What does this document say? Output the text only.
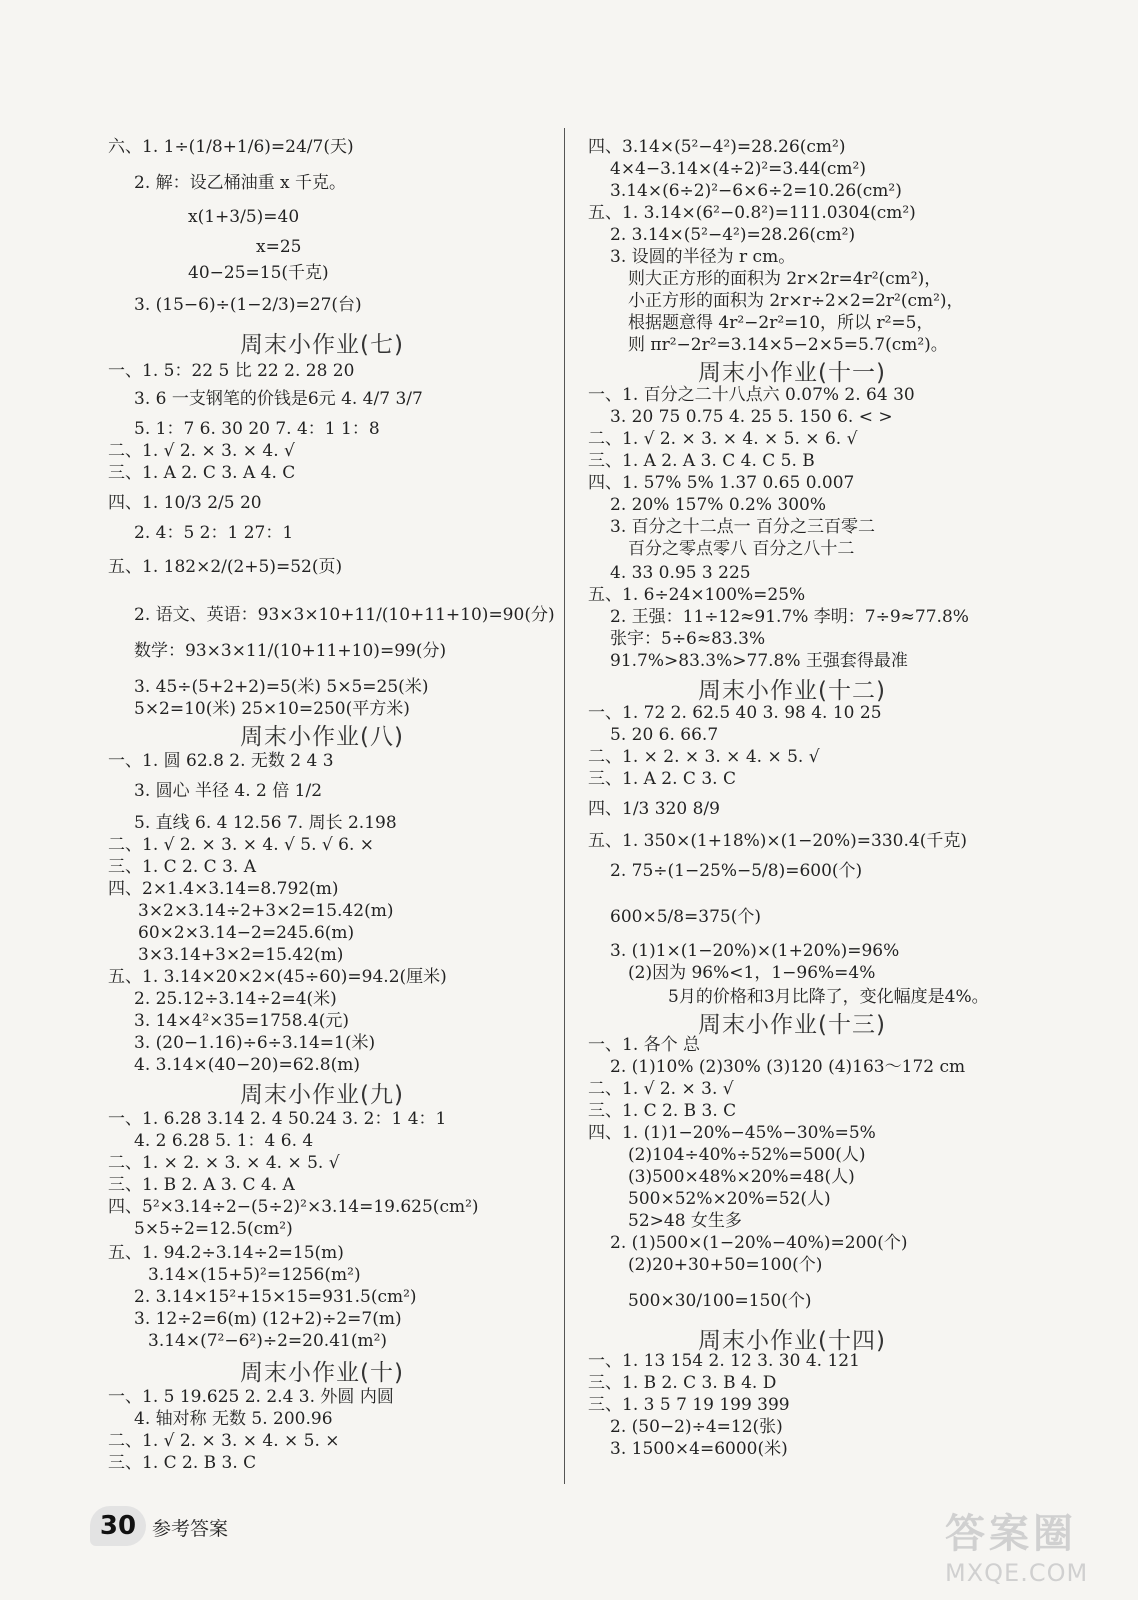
六、1. 1÷(1/8+1/6)=24/7(天)
2. 解：设乙桶油重 x 千克。
x(1+3/5)=40
x=25
40−25=15(千克)
3. (15−6)÷(1−2/3)=27(台)
周末小作业(七)
一、1. 5：22 5 比 22 2. 28 20
3. 6 一支钢笔的价钱是6元 4. 4/7 3/7
5. 1：7 6. 30 20 7. 4：1 1：8
二、1. √ 2. × 3. × 4. √
三、1. A 2. C 3. A 4. C
四、1. 10/3 2/5 20
2. 4：5 2：1 27：1
五、1. 182×2/(2+5)=52(页)
2. 语文、英语：93×3×10+11/(10+11+10)=90(分)
数学：93×3×11/(10+11+10)=99(分)
3. 45÷(5+2+2)=5(米) 5×5=25(米)
5×2=10(米) 25×10=250(平方米)
周末小作业(八)
一、1. 圆 62.8 2. 无数 2 4 3
3. 圆心 半径 4. 2 倍 1/2
5. 直线 6. 4 12.56 7. 周长 2.198
二、1. √ 2. × 3. × 4. √ 5. √ 6. ×
三、1. C 2. C 3. A
四、2×1.4×3.14=8.792(m)
3×2×3.14÷2+3×2=15.42(m)
60×2×3.14−2=245.6(m)
3×3.14+3×2=15.42(m)
五、1. 3.14×20×2×(45÷60)=94.2(厘米)
2. 25.12÷3.14÷2=4(米)
3. 14×4²×35=1758.4(元)
3. (20−1.16)÷6÷3.14=1(米)
4. 3.14×(40−20)=62.8(m)
周末小作业(九)
一、1. 6.28 3.14 2. 4 50.24 3. 2：1 4：1
4. 2 6.28 5. 1：4 6. 4
二、1. × 2. × 3. × 4. × 5. √
三、1. B 2. A 3. C 4. A
四、5²×3.14÷2−(5÷2)²×3.14=19.625(cm²)
5×5÷2=12.5(cm²)
五、1. 94.2÷3.14÷2=15(m)
3.14×(15+5)²=1256(m²)
2. 3.14×15²+15×15=931.5(cm²)
3. 12÷2=6(m) (12+2)÷2=7(m)
3.14×(7²−6²)÷2=20.41(m²)
周末小作业(十)
一、1. 5 19.625 2. 2.4 3. 外圆 内圆
4. 轴对称 无数 5. 200.96
二、1. √ 2. × 3. × 4. × 5. ×
三、1. C 2. B 3. C
四、3.14×(5²−4²)=28.26(cm²)
4×4−3.14×(4÷2)²=3.44(cm²)
3.14×(6÷2)²−6×6÷2=10.26(cm²)
五、1. 3.14×(6²−0.8²)=111.0304(cm²)
2. 3.14×(5²−4²)=28.26(cm²)
3. 设圆的半径为 r cm。
则大正方形的面积为 2r×2r=4r²(cm²)，
小正方形的面积为 2r×r÷2×2=2r²(cm²)，
根据题意得 4r²−2r²=10，所以 r²=5，
则 πr²−2r²=3.14×5−2×5=5.7(cm²)。
周末小作业(十一)
一、1. 百分之二十八点六 0.07% 2. 64 30
3. 20 75 0.75 4. 25 5. 150 6. < >
二、1. √ 2. × 3. × 4. × 5. × 6. √
三、1. A 2. A 3. C 4. C 5. B
四、1. 57% 5% 1.37 0.65 0.007
2. 20% 157% 0.2% 300%
3. 百分之十二点一 百分之三百零二
百分之零点零八 百分之八十二
4. 33 0.95 3 225
五、1. 6÷24×100%=25%
2. 王强：11÷12≈91.7% 李明：7÷9≈77.8%
张宇：5÷6≈83.3%
91.7%>83.3%>77.8% 王强套得最准
周末小作业(十二)
一、1. 72 2. 62.5 40 3. 98 4. 10 25
5. 20 6. 66.7
二、1. × 2. × 3. × 4. × 5. √
三、1. A 2. C 3. C
四、1/3 320 8/9
五、1. 350×(1+18%)×(1−20%)=330.4(千克)
2. 75÷(1−25%−5/8)=600(个)
600×5/8=375(个)
3. (1)1×(1−20%)×(1+20%)=96%
(2)因为 96%<1，1−96%=4%
5月的价格和3月比降了，变化幅度是4%。
周末小作业(十三)
一、1. 各个 总
2. (1)10% (2)30% (3)120 (4)163～172 cm
二、1. √ 2. × 3. √
三、1. C 2. B 3. C
四、1. (1)1−20%−45%−30%=5%
(2)104÷40%÷52%=500(人)
(3)500×48%×20%=48(人)
500×52%×20%=52(人)
52>48 女生多
2. (1)500×(1−20%−40%)=200(个)
(2)20+30+50=100(个)
500×30/100=150(个)
周末小作业(十四)
一、1. 13 154 2. 12 3. 30 4. 121
三、1. B 2. C 3. B 4. D
三、1. 3 5 7 19 199 399
2. (50−2)÷4=12(张)
3. 1500×4=6000(米)
30 参考答案	答案圈
MXQE.COM
